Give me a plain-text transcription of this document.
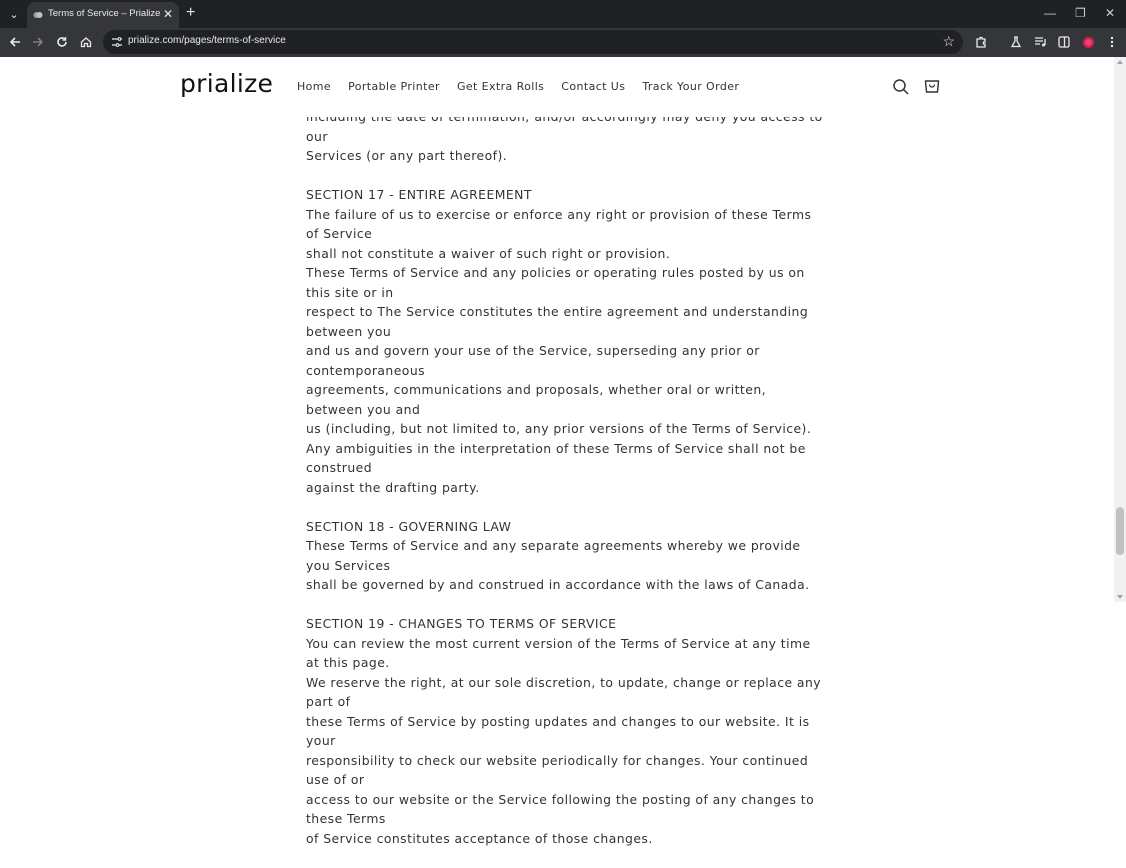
⌄	Terms of Service – Prialize ✕ +	— ❐ ✕
prialize.com/pages/terms-of-service	☆

our

Services (or any part thereof).

SECTION 17 - ENTIRE AGREEMENT

The failure of us to exercise or enforce any right or provision of these Terms of Service

shall not constitute a waiver of such right or provision.

These Terms of Service and any policies or operating rules posted by us on this site or in

respect to The Service constitutes the entire agreement and understanding between you

and us and govern your use of the Service, superseding any prior or contemporaneous

agreements, communications and proposals, whether oral or written, between you and

us (including, but not limited to, any prior versions of the Terms of Service).

Any ambiguities in the interpretation of these Terms of Service shall not be construed

against the drafting party.

SECTION 18 - GOVERNING LAW

These Terms of Service and any separate agreements whereby we provide you Services

shall be governed by and construed in accordance with the laws of Canada.

SECTION 19 - CHANGES TO TERMS OF SERVICE

You can review the most current version of the Terms of Service at any time at this page.

We reserve the right, at our sole discretion, to update, change or replace any part of

these Terms of Service by posting updates and changes to our website. It is your

responsibility to check our website periodically for changes. Your continued use of or

access to our website or the Service following the posting of any changes to these Terms

of Service constitutes acceptance of those changes.

prialize Home Portable Printer Get Extra Rolls Contact Us Track Your Order
